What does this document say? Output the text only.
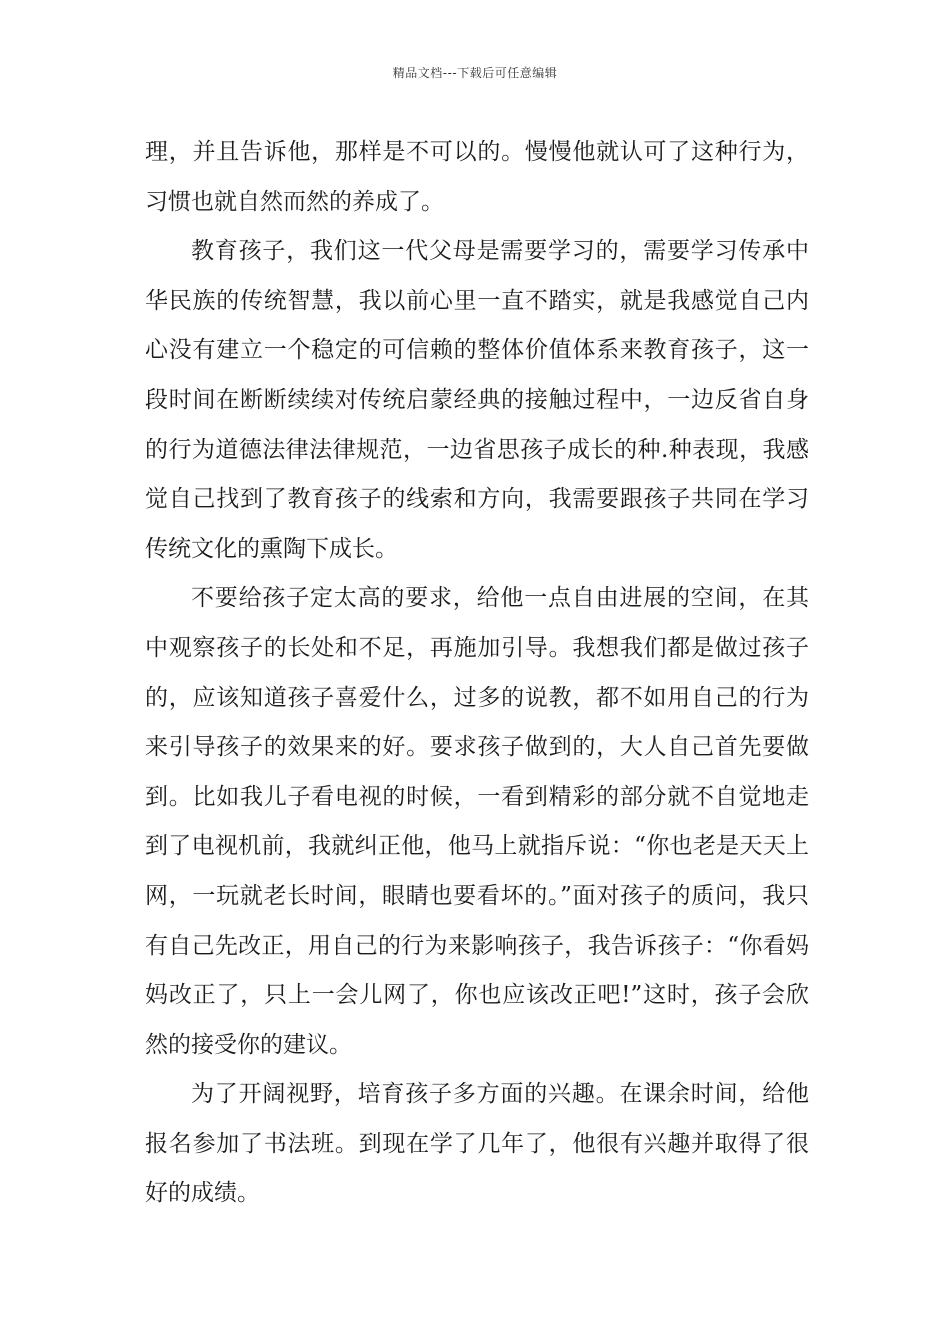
精品文档---下载后可任意编辑

理，并且告诉他，那样是不可以的。慢慢他就认可了这种行为，习惯也就自然而然的养成了。

教育孩子，我们这一代父母是需要学习的，需要学习传承中华民族的传统智慧，我以前心里一直不踏实，就是我感觉自己内心没有建立一个稳定的可信赖的整体价值体系来教育孩子，这一段时间在断断续续对传统启蒙经典的接触过程中，一边反省自身的行为道德法律法律规范，一边省思孩子成长的种.种表现，我感觉自己找到了教育孩子的线索和方向，我需要跟孩子共同在学习传统文化的熏陶下成长。

不要给孩子定太高的要求，给他一点自由进展的空间，在其中观察孩子的长处和不足，再施加引导。我想我们都是做过孩子的，应该知道孩子喜爱什么，过多的说教，都不如用自己的行为来引导孩子的效果来的好。要求孩子做到的，大人自己首先要做到。比如我儿子看电视的时候，一看到精彩的部分就不自觉地走到了电视机前，我就纠正他，他马上就指斥说：“你也老是天天上网，一玩就老长时间，眼睛也要看坏的。”面对孩子的质问，我只有自己先改正，用自己的行为来影响孩子，我告诉孩子：“你看妈妈改正了，只上一会儿网了，你也应该改正吧!”这时，孩子会欣然的接受你的建议。

为了开阔视野，培育孩子多方面的兴趣。在课余时间，给他报名参加了书法班。到现在学了几年了，他很有兴趣并取得了很好的成绩。
